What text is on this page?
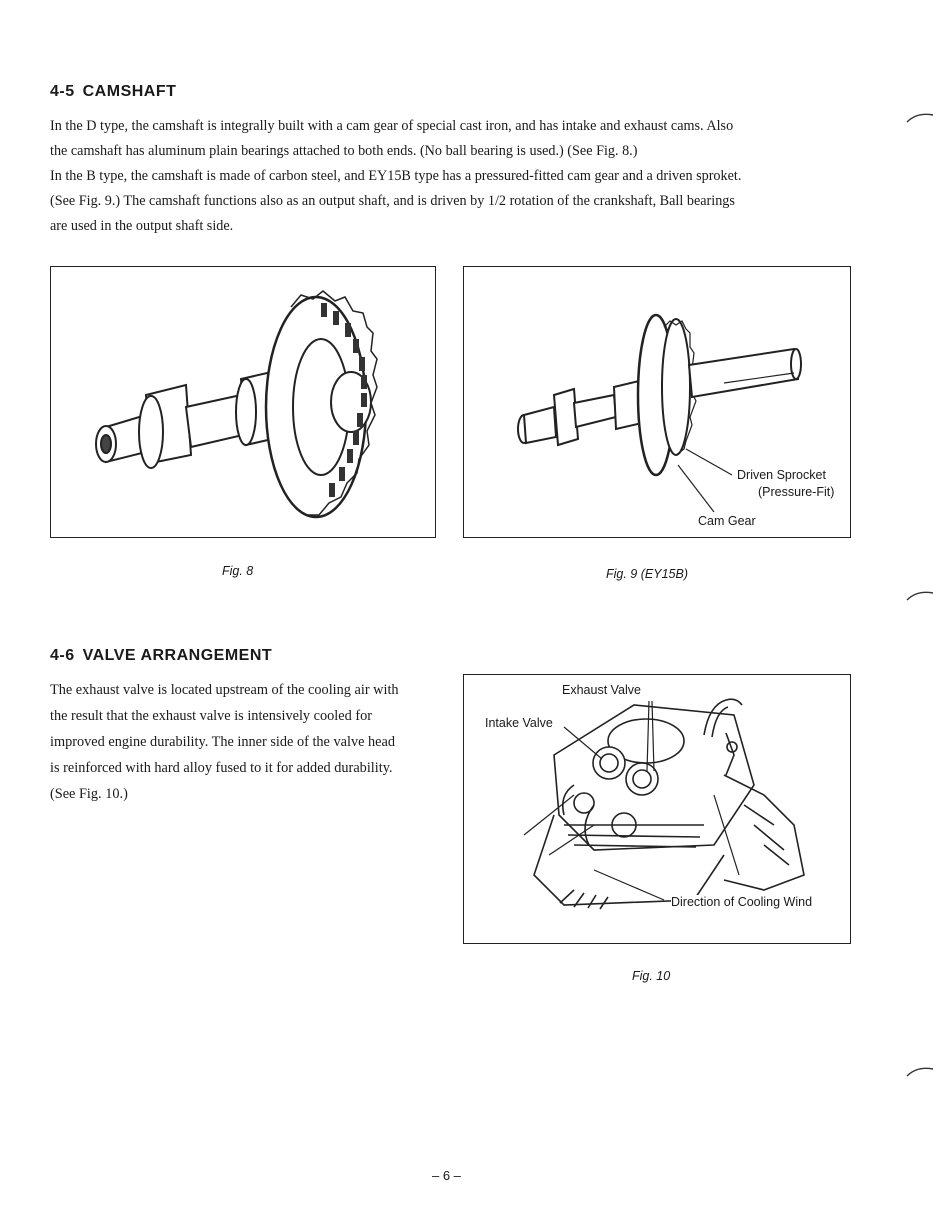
4-5 CAMSHAFT
In the D type, the camshaft is integrally built with a cam gear of special cast iron, and has intake and exhaust cams. Also
the camshaft has aluminum plain bearings attached to both ends. (No ball bearing is used.) (See Fig. 8.)
In the B type, the camshaft is made of carbon steel, and EY15B type has a pressured-fitted cam gear and a driven sproket.
(See Fig. 9.) The camshaft functions also as an output shaft, and is driven by 1/2 rotation of the crankshaft, Ball bearings
are used in the output shaft side.
Fig. 8
Driven Sprocket
(Pressure-Fit)
Cam Gear
Fig. 9 (EY15B)
4-6 VALVE ARRANGEMENT
The exhaust valve is located upstream of the cooling air with
the result that the exhaust valve is intensively cooled for
improved engine durability. The inner side of the valve head
is reinforced with hard alloy fused to it for added durability.
(See Fig. 10.)
Exhaust Valve
Intake Valve
Direction of Cooling Wind
Fig. 10
– 6 –
